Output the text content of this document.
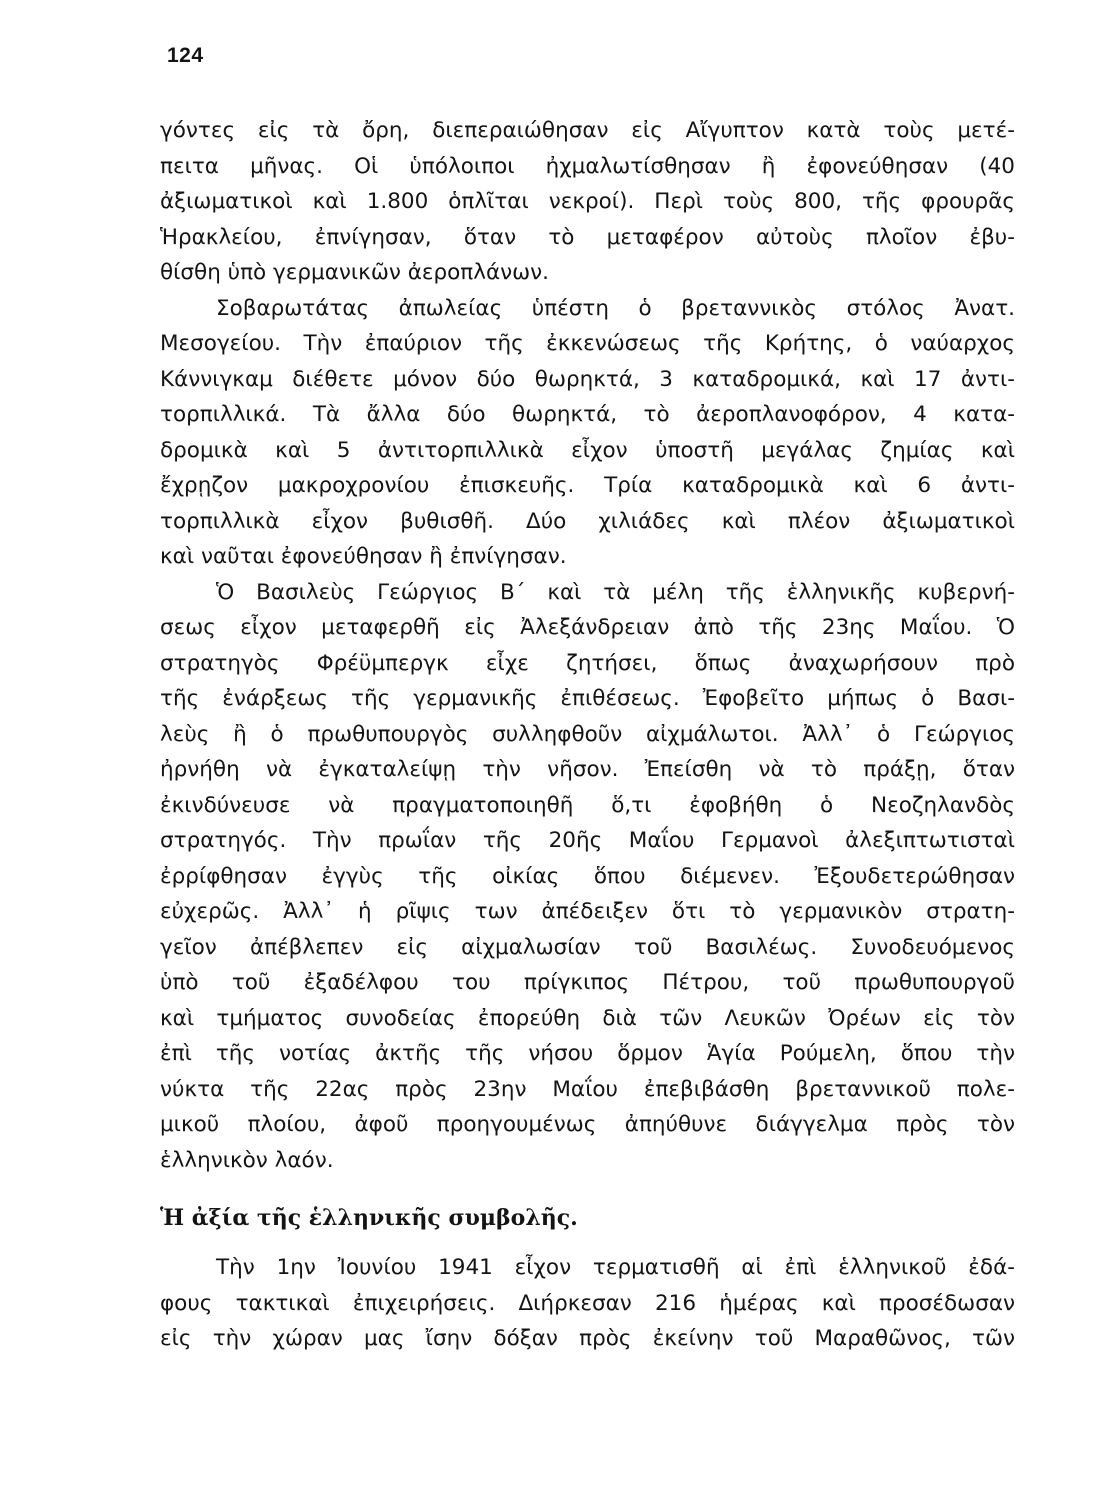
124
γόντες εἰς τὰ ὄρη, διεπεραιώθησαν εἰς Αἴγυπτον κατὰ τοὺς μετέ-
πειτα μῆνας. Οἱ ὑπόλοιποι ἠχμαλωτίσθησαν ἢ ἐφονεύθησαν (40
ἀξιωματικοὶ καὶ 1.800 ὁπλῖται νεκροί). Περὶ τοὺς 800, τῆς φρουρᾶς
Ἡρακλείου, ἐπνίγησαν, ὅταν τὸ μεταφέρον αὐτοὺς πλοῖον ἐβυ-
θίσθη ὑπὸ γερμανικῶν ἀεροπλάνων.
Σοβαρωτάτας ἀπωλείας ὑπέστη ὁ βρεταννικὸς στόλος Ἀνατ.
Μεσογείου. Τὴν ἐπαύριον τῆς ἐκκενώσεως τῆς Κρήτης, ὁ ναύαρχος
Κάννιγκαμ διέθετε μόνον δύο θωρηκτά, 3 καταδρομικά, καὶ 17 ἀντι-
τορπιλλικά. Τὰ ἄλλα δύο θωρηκτά, τὸ ἀεροπλανοφόρον, 4 κατα-
δρομικὰ καὶ 5 ἀντιτορπιλλικὰ εἶχον ὑποστῆ μεγάλας ζημίας καὶ
ἔχρῃζον μακροχρονίου ἐπισκευῆς. Τρία καταδρομικὰ καὶ 6 ἀντι-
τορπιλλικὰ εἶχον βυθισθῆ. Δύο χιλιάδες καὶ πλέον ἀξιωματικοὶ
καὶ ναῦται ἐφονεύθησαν ἢ ἐπνίγησαν.
Ὁ Βασιλεὺς Γεώργιος Β΄ καὶ τὰ μέλη τῆς ἑλληνικῆς κυβερνή-
σεως εἶχον μεταφερθῆ εἰς Ἀλεξάνδρειαν ἀπὸ τῆς 23ης Μαΐου. Ὁ
στρατηγὸς Φρέϋμπεργκ εἶχε ζητήσει, ὅπως ἀναχωρήσουν πρὸ
τῆς ἐνάρξεως τῆς γερμανικῆς ἐπιθέσεως. Ἐφοβεῖτο μήπως ὁ Βασι-
λεὺς ἢ ὁ πρωθυπουργὸς συλληφθοῦν αἰχμάλωτοι. Ἀλλ᾿ ὁ Γεώργιος
ἠρνήθη νὰ ἐγκαταλείψῃ τὴν νῆσον. Ἐπείσθη νὰ τὸ πράξῃ, ὅταν
ἐκινδύνευσε νὰ πραγματοποιηθῆ ὅ,τι ἐφοβήθη ὁ Νεοζηλανδὸς
στρατηγός. Τὴν πρωΐαν τῆς 20ῆς Μαΐου Γερμανοὶ ἀλεξιπτωτισταὶ
ἐρρίφθησαν ἐγγὺς τῆς οἰκίας ὅπου διέμενεν. Ἐξουδετερώθησαν
εὐχερῶς. Ἀλλ᾿ ἡ ρῖψις των ἀπέδειξεν ὅτι τὸ γερμανικὸν στρατη-
γεῖον ἀπέβλεπεν εἰς αἰχμαλωσίαν τοῦ Βασιλέως. Συνοδευόμενος
ὑπὸ τοῦ ἐξαδέλφου του πρίγκιπος Πέτρου, τοῦ πρωθυπουργοῦ
καὶ τμήματος συνοδείας ἐπορεύθη διὰ τῶν Λευκῶν Ὀρέων εἰς τὸν
ἐπὶ τῆς νοτίας ἀκτῆς τῆς νήσου ὅρμον Ἁγία Ρούμελη, ὅπου τὴν
νύκτα τῆς 22ας πρὸς 23ην Μαΐου ἐπεβιβάσθη βρεταννικοῦ πολε-
μικοῦ πλοίου, ἀφοῦ προηγουμένως ἀπηύθυνε διάγγελμα πρὸς τὸν
ἑλληνικὸν λαόν.
Ἡ ἀξία τῆς ἑλληνικῆς συμβολῆς.
Τὴν 1ην Ἰουνίου 1941 εἶχον τερματισθῆ αἱ ἐπὶ ἑλληνικοῦ ἐδά-
φους τακτικαὶ ἐπιχειρήσεις. Διήρκεσαν 216 ἡμέρας καὶ προσέδωσαν
εἰς τὴν χώραν μας ἴσην δόξαν πρὸς ἐκείνην τοῦ Μαραθῶνος, τῶν
